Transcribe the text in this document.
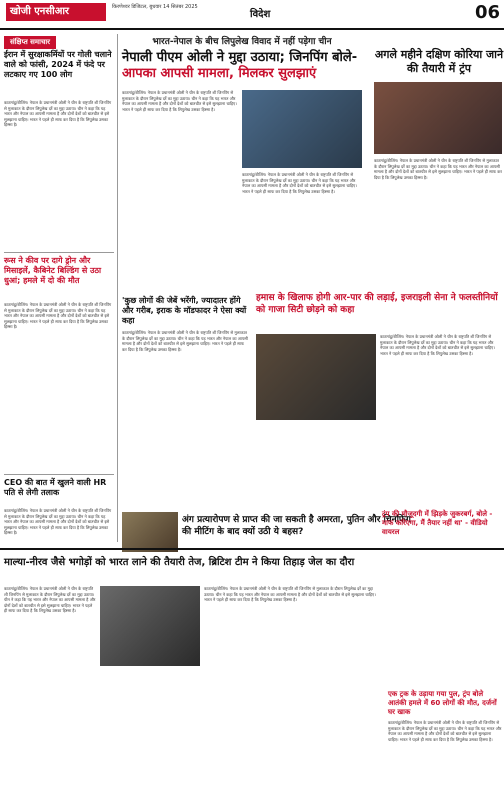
खोजी एनसीआर	किरणेश्वर डिजिटल, बुधवार 14 सितंबर 2025
विदेश	06
संक्षिप्त समाचार
ईरान में सुरक्षाकर्मियों पर गोली चलाने वाले को फांसी, 2024 में फंदे पर लटकाए गए 100 लोग
काठमांडू/बीजिंग। नेपाल के प्रधानमंत्री ओली ने चीन के राष्ट्रपति शी जिनपिंग से मुलाकात के दौरान लिपुलेख दर्रे का मुद्दा उठाया। चीन ने कहा कि यह भारत और नेपाल का आपसी मामला है और दोनों देशों को बातचीत से इसे सुलझाना चाहिए। भारत ने पहले ही साफ कर दिया है कि लिपुलेख उसका हिस्सा है।
रूस ने कीव पर दागे ड्रोन और मिसाइलें, कैबिनेट बिल्डिंग से उठा धुआं; हमले में दो की मौत
काठमांडू/बीजिंग। नेपाल के प्रधानमंत्री ओली ने चीन के राष्ट्रपति शी जिनपिंग से मुलाकात के दौरान लिपुलेख दर्रे का मुद्दा उठाया। चीन ने कहा कि यह भारत और नेपाल का आपसी मामला है और दोनों देशों को बातचीत से इसे सुलझाना चाहिए। भारत ने पहले ही साफ कर दिया है कि लिपुलेख उसका हिस्सा है।
CEO की बात में खुलने वाली HR पति से लेगी तलाक
काठमांडू/बीजिंग। नेपाल के प्रधानमंत्री ओली ने चीन के राष्ट्रपति शी जिनपिंग से मुलाकात के दौरान लिपुलेख दर्रे का मुद्दा उठाया। चीन ने कहा कि यह भारत और नेपाल का आपसी मामला है और दोनों देशों को बातचीत से इसे सुलझाना चाहिए। भारत ने पहले ही साफ कर दिया है कि लिपुलेख उसका हिस्सा है।
भारत-नेपाल के बीच लिपुलेख विवाद में नहीं पड़ेगा चीन
नेपाली पीएम ओली ने मुद्दा उठाया; जिनपिंग बोले-
आपका आपसी मामला, मिलकर सुलझाएं
काठमांडू/बीजिंग। नेपाल के प्रधानमंत्री ओली ने चीन के राष्ट्रपति शी जिनपिंग से मुलाकात के दौरान लिपुलेख दर्रे का मुद्दा उठाया। चीन ने कहा कि यह भारत और नेपाल का आपसी मामला है और दोनों देशों को बातचीत से इसे सुलझाना चाहिए। भारत ने पहले ही साफ कर दिया है कि लिपुलेख उसका हिस्सा है।
काठमांडू/बीजिंग। नेपाल के प्रधानमंत्री ओली ने चीन के राष्ट्रपति शी जिनपिंग से मुलाकात के दौरान लिपुलेख दर्रे का मुद्दा उठाया। चीन ने कहा कि यह भारत और नेपाल का आपसी मामला है और दोनों देशों को बातचीत से इसे सुलझाना चाहिए। भारत ने पहले ही साफ कर दिया है कि लिपुलेख उसका हिस्सा है।
अगले महीने दक्षिण कोरिया जाने की तैयारी में ट्रंप
काठमांडू/बीजिंग। नेपाल के प्रधानमंत्री ओली ने चीन के राष्ट्रपति शी जिनपिंग से मुलाकात के दौरान लिपुलेख दर्रे का मुद्दा उठाया। चीन ने कहा कि यह भारत और नेपाल का आपसी मामला है और दोनों देशों को बातचीत से इसे सुलझाना चाहिए। भारत ने पहले ही साफ कर दिया है कि लिपुलेख उसका हिस्सा है।
'कुछ लोगों की जेबें भरेंगी, ज्यादातर होंगे और गरीब, इराक के मॉडफादर ने ऐसा क्यों कहा
काठमांडू/बीजिंग। नेपाल के प्रधानमंत्री ओली ने चीन के राष्ट्रपति शी जिनपिंग से मुलाकात के दौरान लिपुलेख दर्रे का मुद्दा उठाया। चीन ने कहा कि यह भारत और नेपाल का आपसी मामला है और दोनों देशों को बातचीत से इसे सुलझाना चाहिए। भारत ने पहले ही साफ कर दिया है कि लिपुलेख उसका हिस्सा है।
हमास के खिलाफ होगी आर-पार की लड़ाई, इजराइली सेना ने फलस्तीनियों को गाजा सिटी छोड़ने को कहा
काठमांडू/बीजिंग। नेपाल के प्रधानमंत्री ओली ने चीन के राष्ट्रपति शी जिनपिंग से मुलाकात के दौरान लिपुलेख दर्रे का मुद्दा उठाया। चीन ने कहा कि यह भारत और नेपाल का आपसी मामला है और दोनों देशों को बातचीत से इसे सुलझाना चाहिए। भारत ने पहले ही साफ कर दिया है कि लिपुलेख उसका हिस्सा है।
अंग प्रत्यारोपण से प्राप्त की जा सकती है अमरता, पुतिन और चिनफिंग की मीटिंग के बाद क्यों उठी ये बहस?
ट्रंप की मौजूदगी में झिड़के जुकरबर्ग, बोले - माफ करिएगा, मैं तैयार नहीं था' - वीडियो वायरल
माल्या-नीरव जैसे भगोड़ों को भारत लाने की तैयारी तेज, ब्रिटिश टीम ने किया तिहाड़ जेल का दौरा
काठमांडू/बीजिंग। नेपाल के प्रधानमंत्री ओली ने चीन के राष्ट्रपति शी जिनपिंग से मुलाकात के दौरान लिपुलेख दर्रे का मुद्दा उठाया। चीन ने कहा कि यह भारत और नेपाल का आपसी मामला है और दोनों देशों को बातचीत से इसे सुलझाना चाहिए। भारत ने पहले ही साफ कर दिया है कि लिपुलेख उसका हिस्सा है।
काठमांडू/बीजिंग। नेपाल के प्रधानमंत्री ओली ने चीन के राष्ट्रपति शी जिनपिंग से मुलाकात के दौरान लिपुलेख दर्रे का मुद्दा उठाया। चीन ने कहा कि यह भारत और नेपाल का आपसी मामला है और दोनों देशों को बातचीत से इसे सुलझाना चाहिए। भारत ने पहले ही साफ कर दिया है कि लिपुलेख उसका हिस्सा है।
एक ट्रक के उड़ाया गया पुल, ट्रंप बोले आतंकी हमले में 60 लोगों की मौत, दर्जनों घर खाक
काठमांडू/बीजिंग। नेपाल के प्रधानमंत्री ओली ने चीन के राष्ट्रपति शी जिनपिंग से मुलाकात के दौरान लिपुलेख दर्रे का मुद्दा उठाया। चीन ने कहा कि यह भारत और नेपाल का आपसी मामला है और दोनों देशों को बातचीत से इसे सुलझाना चाहिए। भारत ने पहले ही साफ कर दिया है कि लिपुलेख उसका हिस्सा है।
